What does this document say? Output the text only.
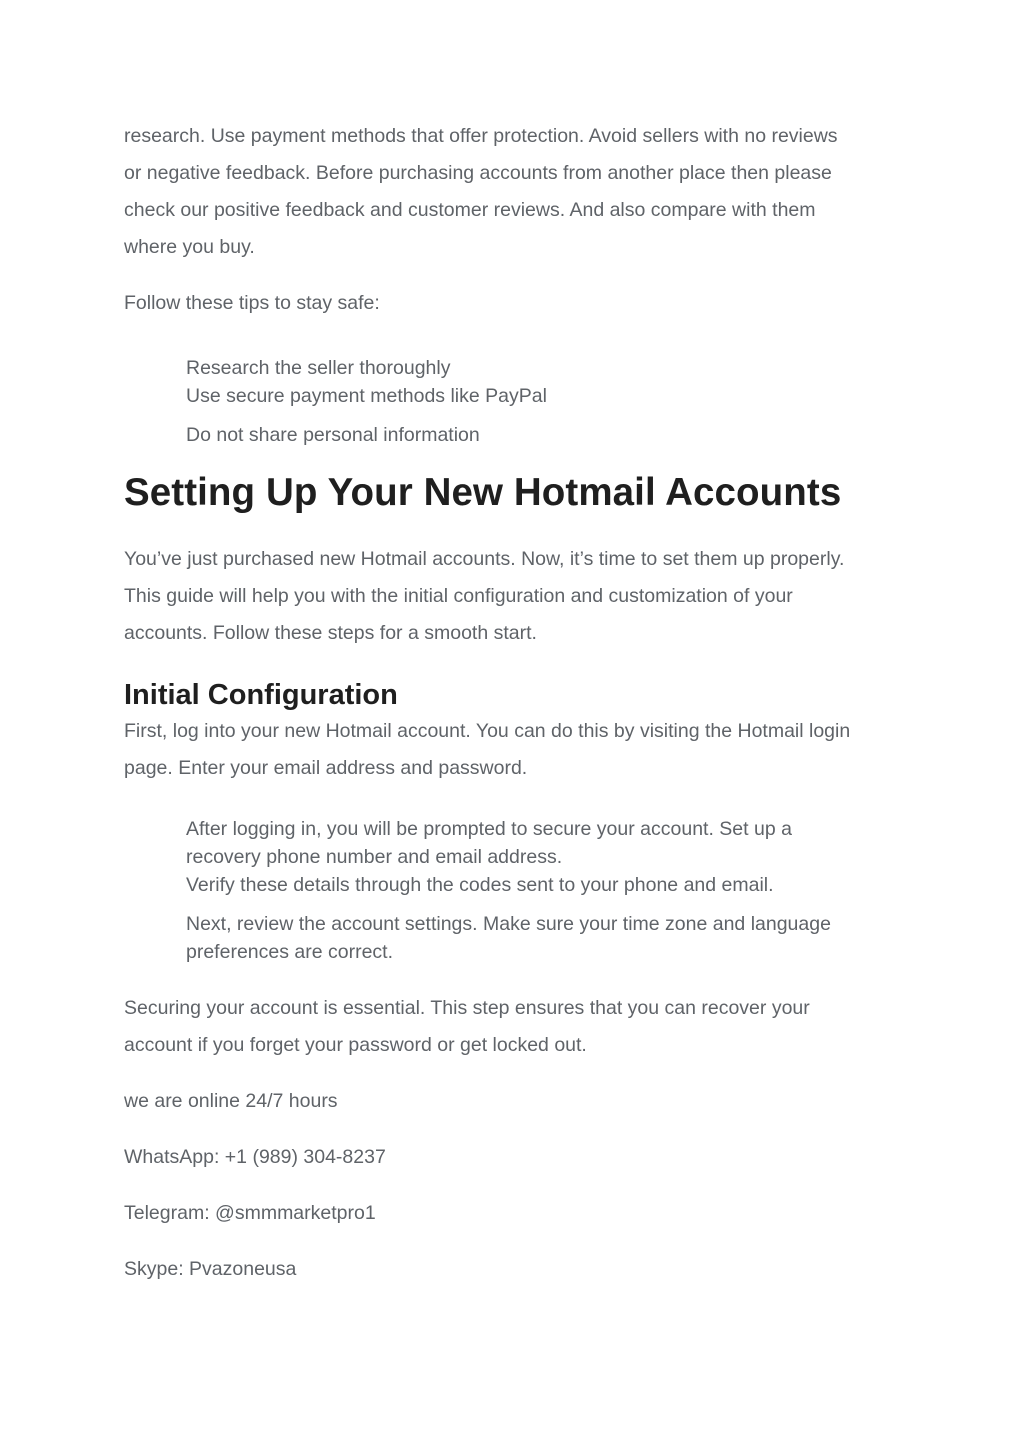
research. Use payment methods that offer protection. Avoid sellers with no reviews
or negative feedback. Before purchasing accounts from another place then please
check our positive feedback and customer reviews. And also compare with them
where you buy.

Follow these tips to stay safe:

Research the seller thoroughly
Use secure payment methods like PayPal
Do not share personal information
Setting Up Your New Hotmail Accounts

You’ve just purchased new Hotmail accounts. Now, it’s time to set them up properly.
This guide will help you with the initial configuration and customization of your
accounts. Follow these steps for a smooth start.

Initial Configuration

First, log into your new Hotmail account. You can do this by visiting the Hotmail login
page. Enter your email address and password.

After logging in, you will be prompted to secure your account. Set up a
recovery phone number and email address.
Verify these details through the codes sent to your phone and email.
Next, review the account settings. Make sure your time zone and language
preferences are correct.

Securing your account is essential. This step ensures that you can recover your
account if you forget your password or get locked out.

we are online 24/7 hours

WhatsApp: +1 (989) 304-8237

Telegram: @smmmarketpro1

Skype: Pvazoneusa
